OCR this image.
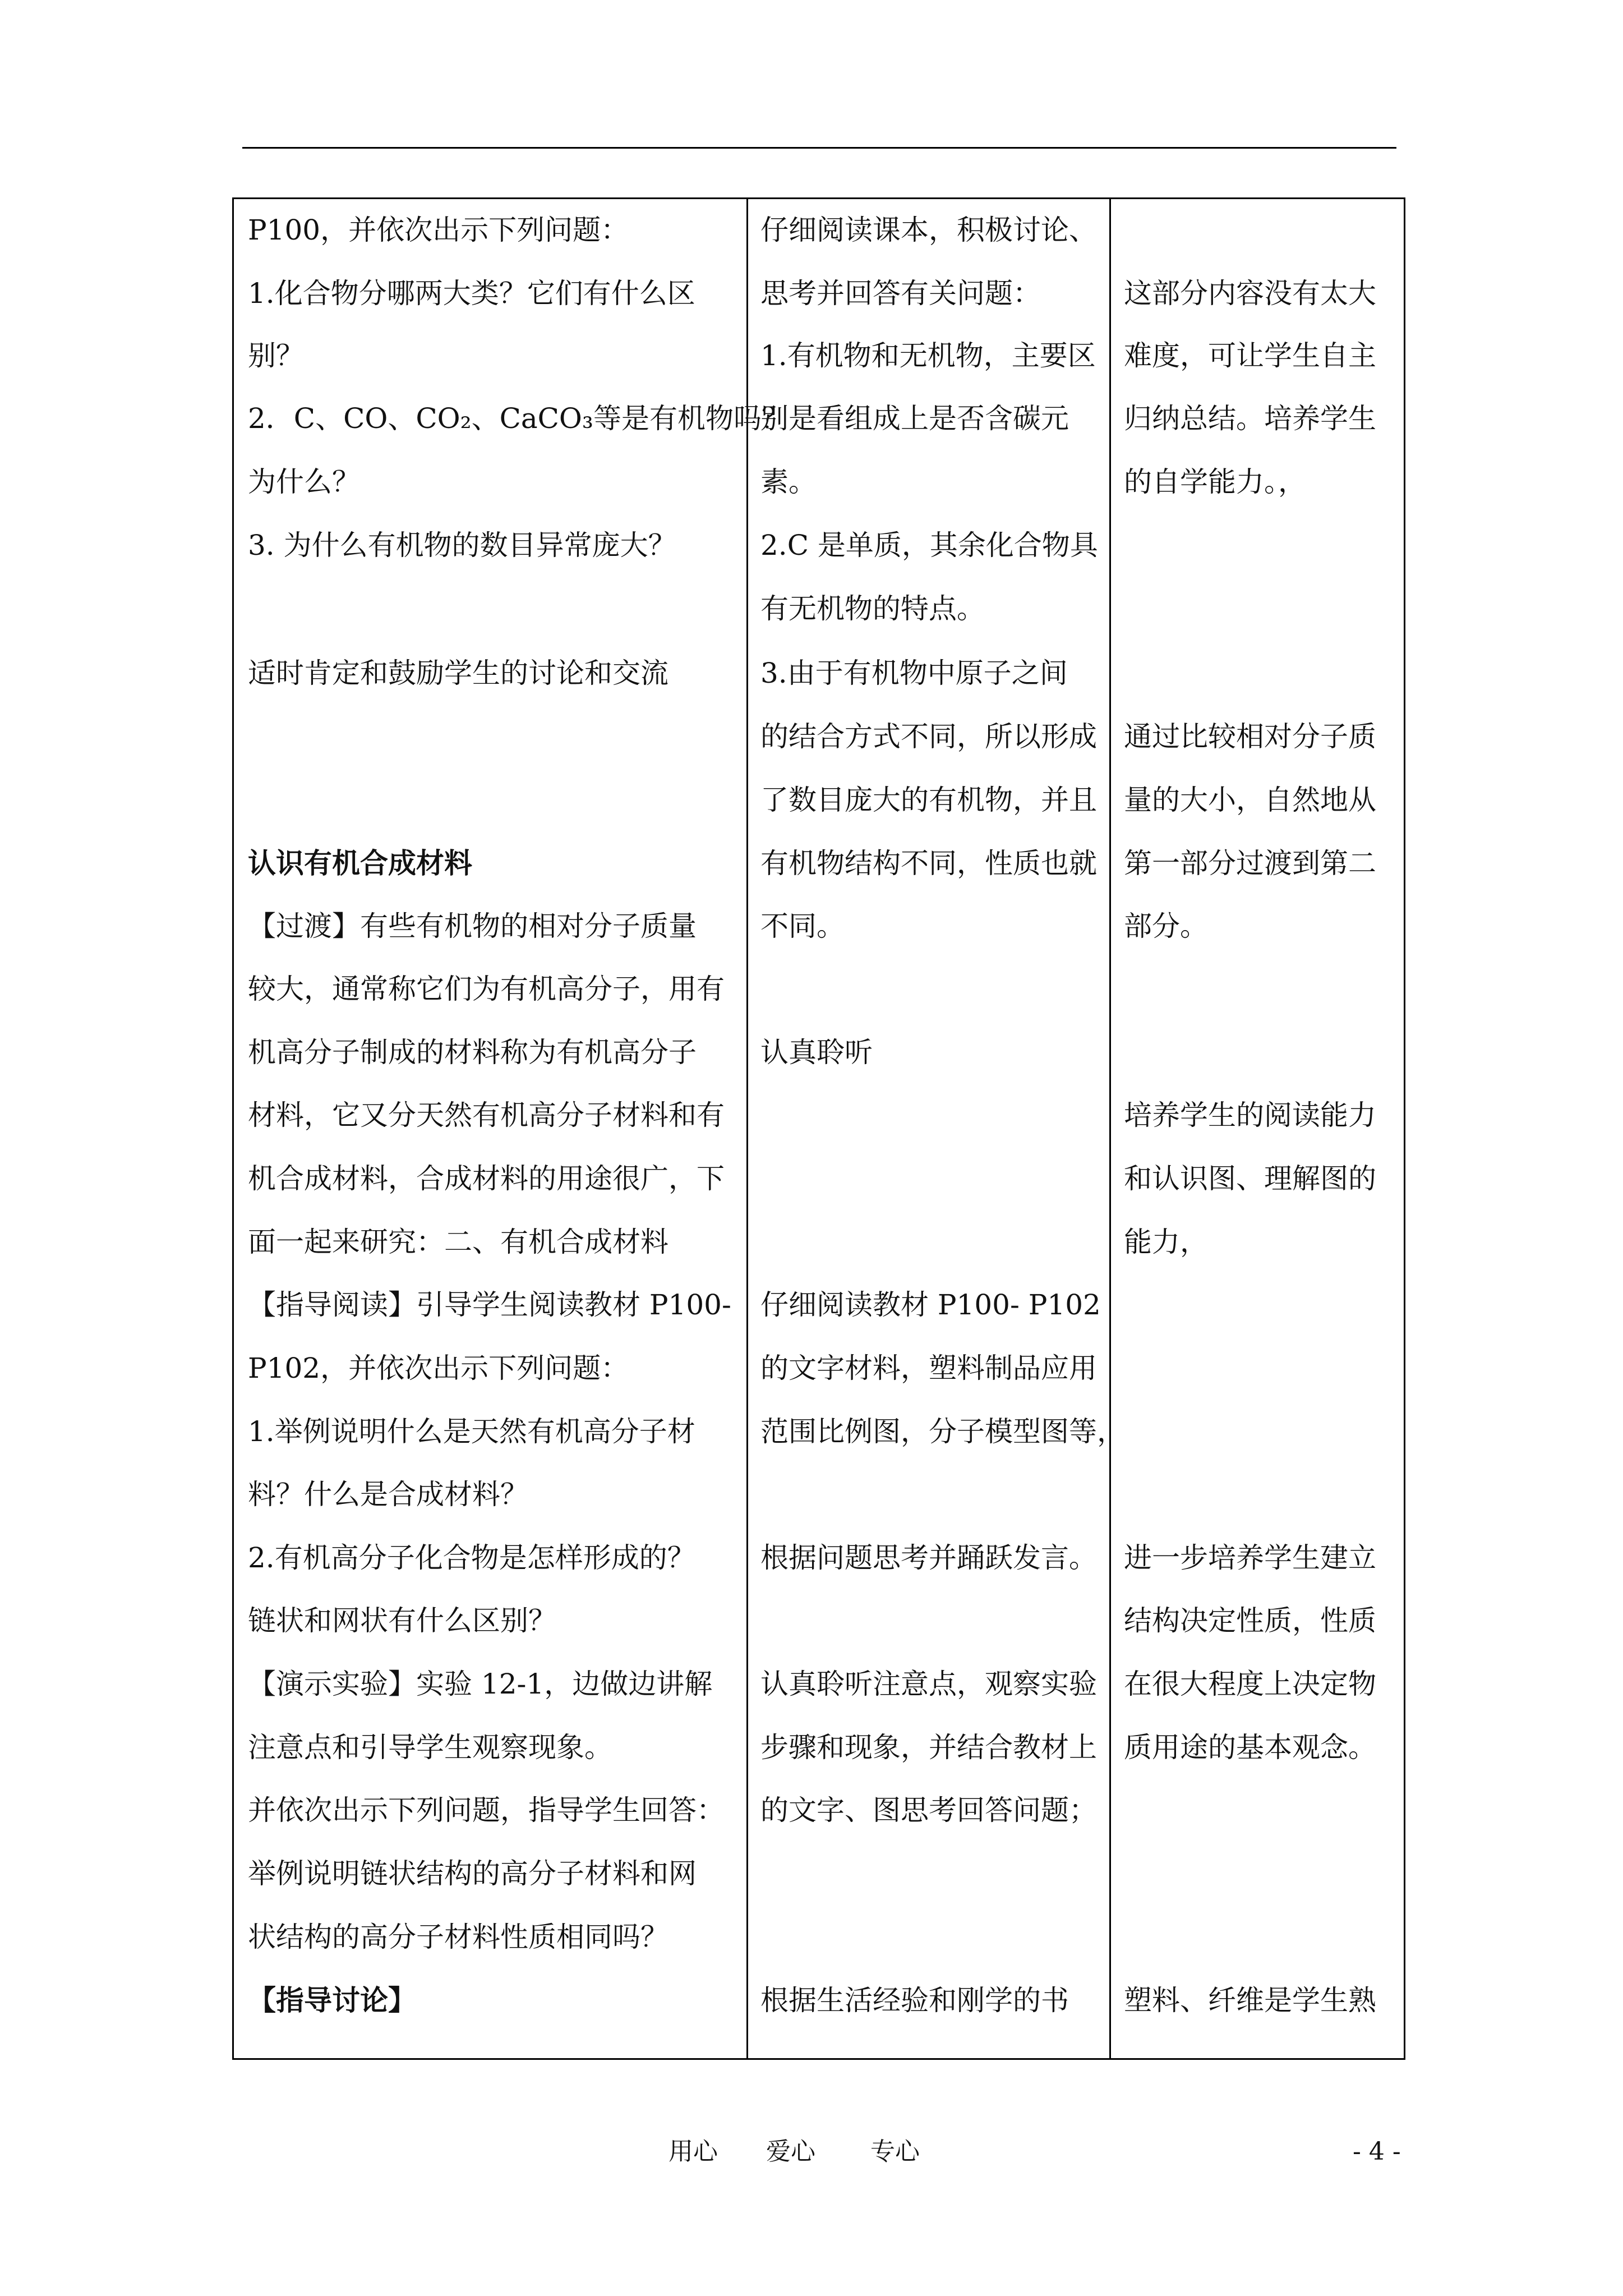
P100，并依次出示下列问题：
1.化合物分哪两大类？它们有什么区
别？
2．C、CO、CO₂、CaCO₃等是有机物吗？
为什么？
3. 为什么有机物的数目异常庞大？
适时肯定和鼓励学生的讨论和交流
认识有机合成材料
【过渡】有些有机物的相对分子质量
较大，通常称它们为有机高分子，用有
机高分子制成的材料称为有机高分子
材料，它又分天然有机高分子材料和有
机合成材料，合成材料的用途很广，下
面一起来研究：二、有机合成材料
【指导阅读】引导学生阅读教材 P100-
P102，并依次出示下列问题：
1.举例说明什么是天然有机高分子材
料？什么是合成材料？
2.有机高分子化合物是怎样形成的？
链状和网状有什么区别？
【演示实验】实验 12-1，边做边讲解
注意点和引导学生观察现象。
并依次出示下列问题，指导学生回答：
举例说明链状结构的高分子材料和网
状结构的高分子材料性质相同吗？
【指导讨论】
仔细阅读课本，积极讨论、
思考并回答有关问题：
1.有机物和无机物，主要区
别是看组成上是否含碳元
素。
2.C 是单质，其余化合物具
有无机物的特点。
3.由于有机物中原子之间
的结合方式不同，所以形成
了数目庞大的有机物，并且
有机物结构不同，性质也就
不同。
认真聆听
仔细阅读教材 P100- P102
的文字材料，塑料制品应用
范围比例图，分子模型图等，
根据问题思考并踊跃发言。
认真聆听注意点，观察实验
步骤和现象，并结合教材上
的文字、图思考回答问题；
根据生活经验和刚学的书
这部分内容没有太大
难度，可让学生自主
归纳总结。培养学生
的自学能力。，
通过比较相对分子质
量的大小，自然地从
第一部分过渡到第二
部分。
培养学生的阅读能力
和认识图、理解图的
能力，
进一步培养学生建立
结构决定性质，性质
在很大程度上决定物
质用途的基本观念。
塑料、纤维是学生熟
用心 爱心 专心	- 4 -
